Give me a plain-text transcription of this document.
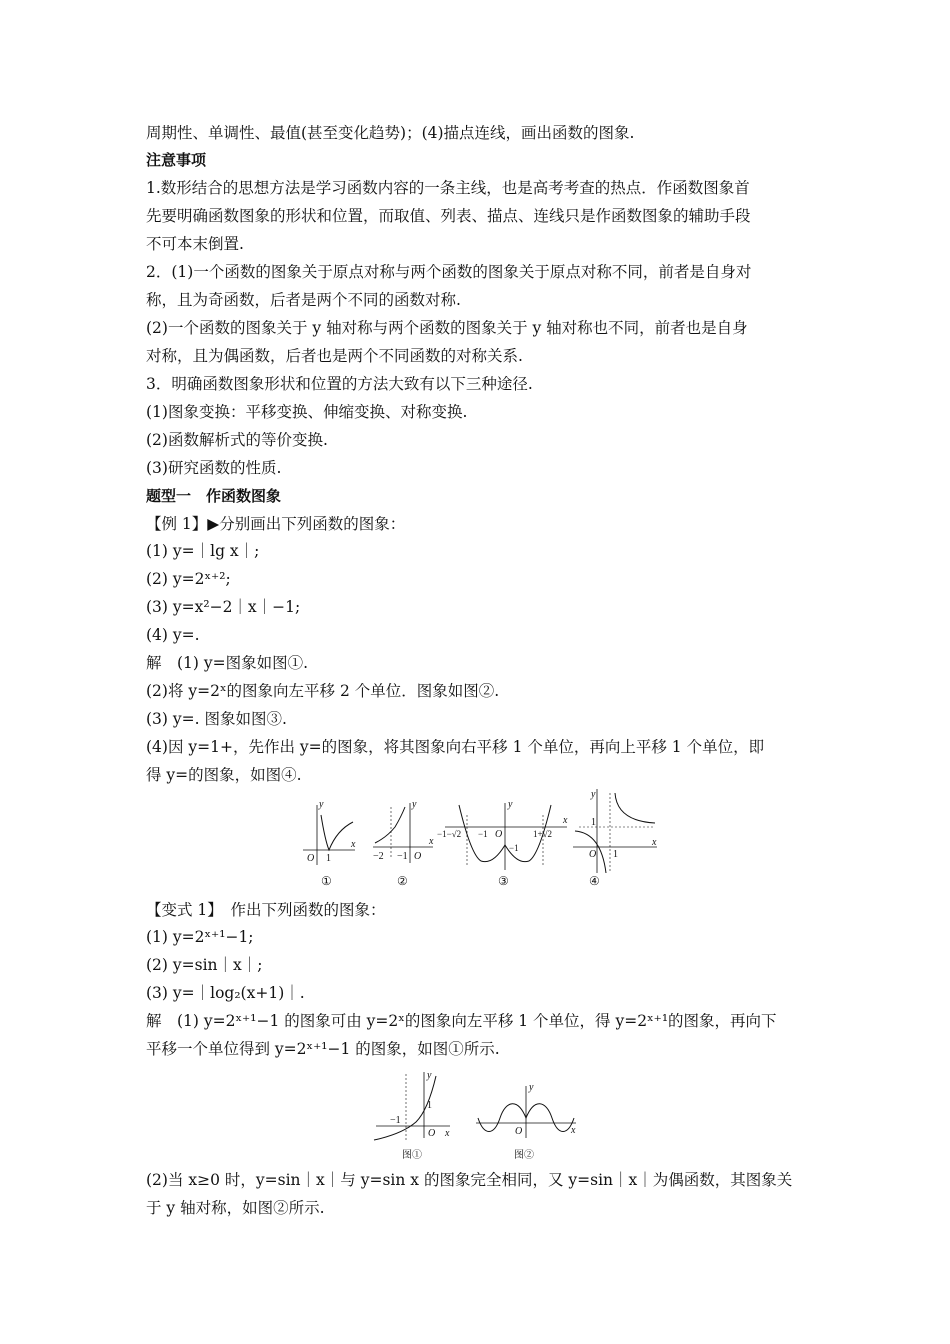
周期性、单调性、最值(甚至变化趋势)；(4)描点连线，画出函数的图象.
注意事项
1.数形结合的思想方法是学习函数内容的一条主线，也是高考考查的热点．作函数图象首
先要明确函数图象的形状和位置，而取值、列表、描点、连线只是作函数图象的辅助手段
不可本末倒置.
2．(1)一个函数的图象关于原点对称与两个函数的图象关于原点对称不同，前者是自身对
称，且为奇函数，后者是两个不同的函数对称.
(2)一个函数的图象关于 y 轴对称与两个函数的图象关于 y 轴对称也不同，前者也是自身
对称，且为偶函数，后者也是两个不同函数的对称关系.
3．明确函数图象形状和位置的方法大致有以下三种途径.
(1)图象变换：平移变换、伸缩变换、对称变换.
(2)函数解析式的等价变换.
(3)研究函数的性质.
题型一　作函数图象
【例 1】▶分别画出下列函数的图象：
(1) y=｜lg x｜;
(2) y=2ˣ⁺²;
(3) y=x²−2｜x｜−1;
(4) y=.
解　(1) y=图象如图①.
(2)将 y=2ˣ的图象向左平移 2 个单位．图象如图②.
(3) y=. 图象如图③.
(4)因 y=1+，先作出 y=的图象，将其图象向右平移 1 个单位，再向上平移 1 个单位，即
得 y=的图象，如图④.
y
x
O 1
①
y
x
−2 −1 O
②
y
x
−1−√2 −1 O
−1
1+√2
③
y
x
1
O 1
④
【变式 1】　作出下列函数的图象：
(1) y=2ˣ⁺¹−1;
(2) y=sin｜x｜;
(3) y=｜log₂(x+1)｜.
解　(1) y=2ˣ⁺¹−1 的图象可由 y=2ˣ的图象向左平移 1 个单位，得 y=2ˣ⁺¹的图象，再向下
平移一个单位得到 y=2ˣ⁺¹−1 的图象，如图①所示.
y
x
−1
1
O
图①
y
x
O
图②
(2)当 x≥0 时，y=sin｜x｜与 y=sin x 的图象完全相同，又 y=sin｜x｜为偶函数，其图象关
于 y 轴对称，如图②所示.
